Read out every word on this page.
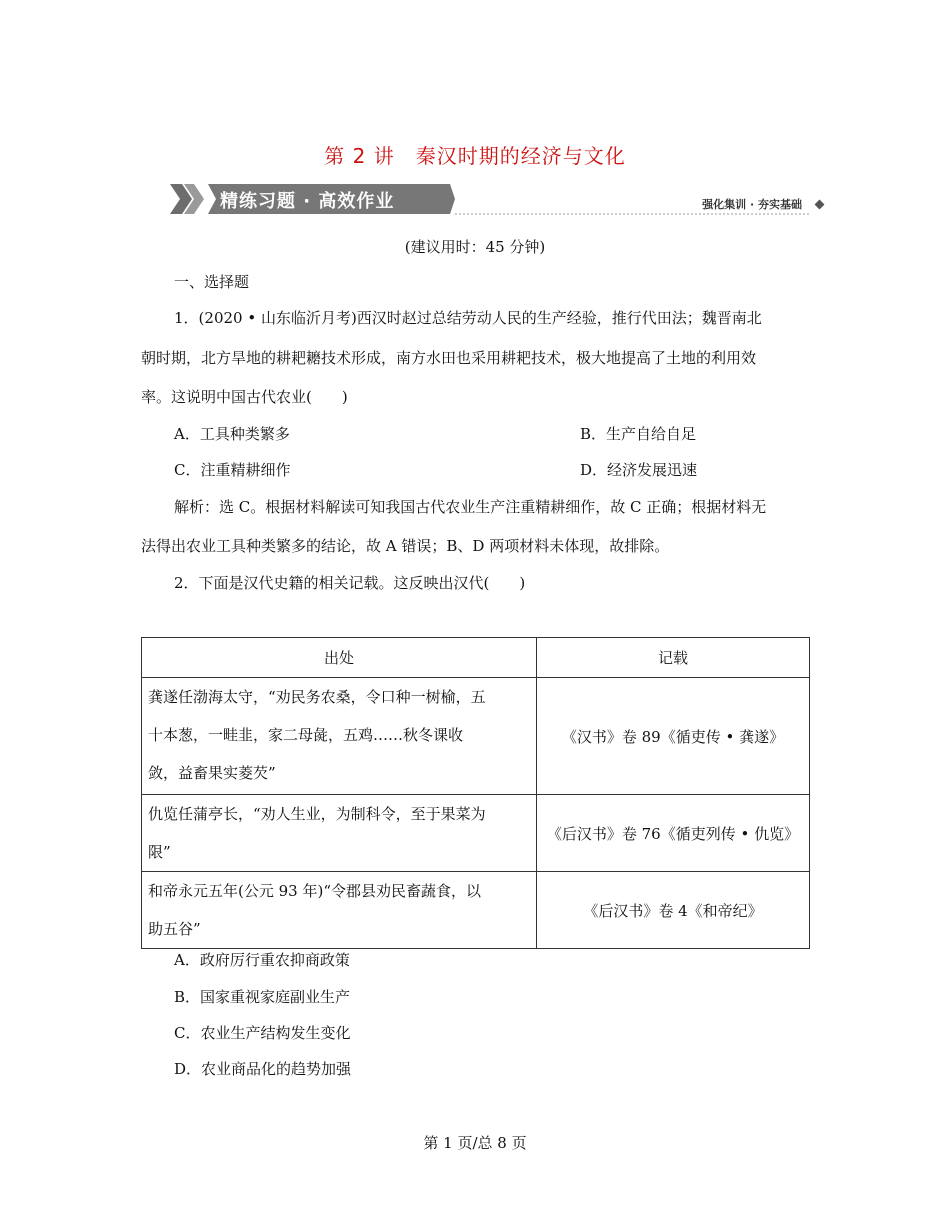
第 2 讲　秦汉时期的经济与文化
精练习题 · 高效作业	强化集训 · 夯实基础
(建议用时：45 分钟)
一、选择题
1．(2020 • 山东临沂月考)西汉时赵过总结劳动人民的生产经验，推行代田法；魏晋南北
朝时期，北方旱地的耕耙耱技术形成，南方水田也采用耕耙技术，极大地提高了土地的利用效
率。这说明中国古代农业(　　)
A．工具种类繁多	B．生产自给自足
C．注重精耕细作	D．经济发展迅速
解析：选 C。根据材料解读可知我国古代农业生产注重精耕细作，故 C 正确；根据材料无
法得出农业工具种类繁多的结论，故 A 错误；B、D 两项材料未体现，故排除。
2．下面是汉代史籍的相关记载。这反映出汉代(　　)
出处	记载

龚遂任渤海太守，“劝民务农桑，令口种一树榆，五
十本葱，一畦韭，家二母彘，五鸡……秋冬课收
敛，益畜果实菱芡”	《汉书》卷 89《循吏传 • 龚遂》

仇览任蒲亭长，“劝人生业，为制科令，至于果菜为
限”	《后汉书》卷 76《循吏列传 • 仇览》

和帝永元五年(公元 93 年)“令郡县劝民畜蔬食，以
助五谷”	《后汉书》卷 4《和帝纪》
A．政府厉行重农抑商政策
B．国家重视家庭副业生产
C．农业生产结构发生变化
D．农业商品化的趋势加强
第 1 页/总 8 页
